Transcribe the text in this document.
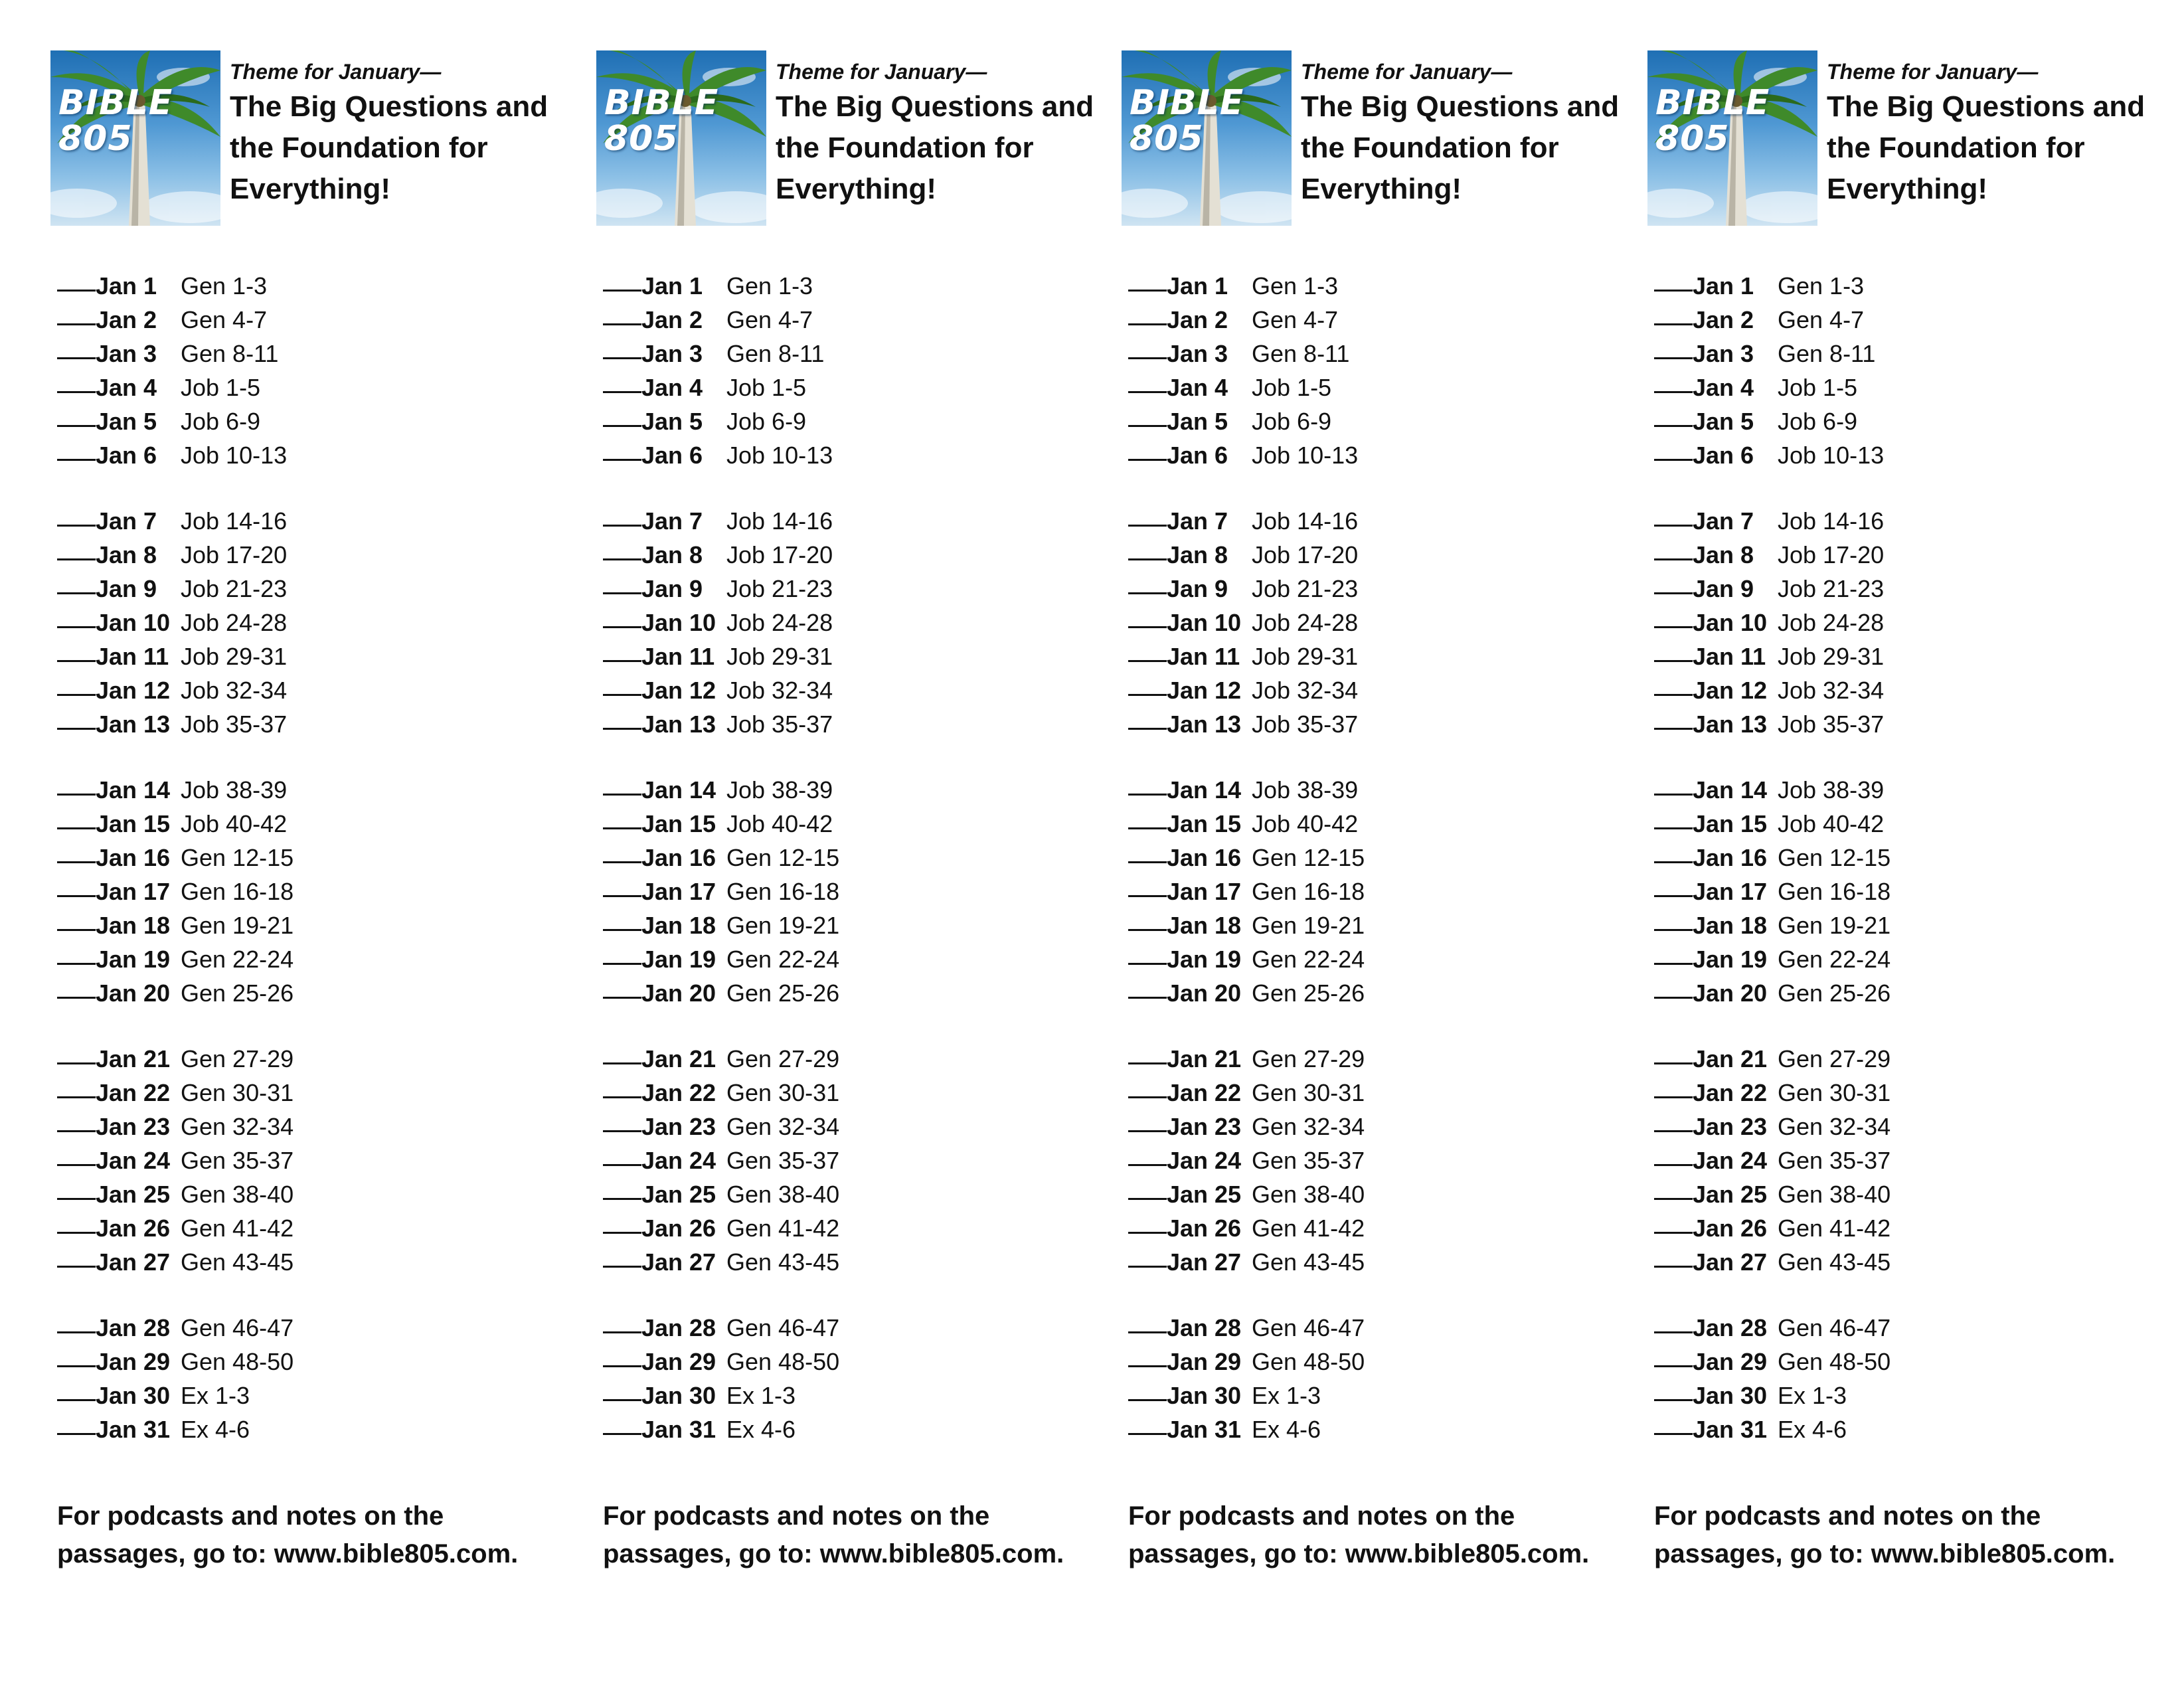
BIBLE
805
Theme for January—
The Big Questions and
the Foundation for
Everything!
Jan 1 Gen 1-3
Jan 2 Gen 4-7
Jan 3 Gen 8-11
Jan 4 Job 1-5
Jan 5 Job 6-9
Jan 6 Job 10-13
Jan 7 Job 14-16
Jan 8 Job 17-20
Jan 9 Job 21-23
Jan 10 Job 24-28
Jan 11 Job 29-31
Jan 12 Job 32-34
Jan 13 Job 35-37
Jan 14 Job 38-39
Jan 15 Job 40-42
Jan 16 Gen 12-15
Jan 17 Gen 16-18
Jan 18 Gen 19-21
Jan 19 Gen 22-24
Jan 20 Gen 25-26
Jan 21 Gen 27-29
Jan 22 Gen 30-31
Jan 23 Gen 32-34
Jan 24 Gen 35-37
Jan 25 Gen 38-40
Jan 26 Gen 41-42
Jan 27 Gen 43-45
Jan 28 Gen 46-47
Jan 29 Gen 48-50
Jan 30 Ex 1-3
Jan 31 Ex 4-6
For podcasts and notes on the
passages, go to: www.bible805.com.
BIBLE
805
Theme for January—
The Big Questions and
the Foundation for
Everything!
Jan 1 Gen 1-3
Jan 2 Gen 4-7
Jan 3 Gen 8-11
Jan 4 Job 1-5
Jan 5 Job 6-9
Jan 6 Job 10-13
Jan 7 Job 14-16
Jan 8 Job 17-20
Jan 9 Job 21-23
Jan 10 Job 24-28
Jan 11 Job 29-31
Jan 12 Job 32-34
Jan 13 Job 35-37
Jan 14 Job 38-39
Jan 15 Job 40-42
Jan 16 Gen 12-15
Jan 17 Gen 16-18
Jan 18 Gen 19-21
Jan 19 Gen 22-24
Jan 20 Gen 25-26
Jan 21 Gen 27-29
Jan 22 Gen 30-31
Jan 23 Gen 32-34
Jan 24 Gen 35-37
Jan 25 Gen 38-40
Jan 26 Gen 41-42
Jan 27 Gen 43-45
Jan 28 Gen 46-47
Jan 29 Gen 48-50
Jan 30 Ex 1-3
Jan 31 Ex 4-6
For podcasts and notes on the
passages, go to: www.bible805.com.
BIBLE
805
Theme for January—
The Big Questions and
the Foundation for
Everything!
Jan 1 Gen 1-3
Jan 2 Gen 4-7
Jan 3 Gen 8-11
Jan 4 Job 1-5
Jan 5 Job 6-9
Jan 6 Job 10-13
Jan 7 Job 14-16
Jan 8 Job 17-20
Jan 9 Job 21-23
Jan 10 Job 24-28
Jan 11 Job 29-31
Jan 12 Job 32-34
Jan 13 Job 35-37
Jan 14 Job 38-39
Jan 15 Job 40-42
Jan 16 Gen 12-15
Jan 17 Gen 16-18
Jan 18 Gen 19-21
Jan 19 Gen 22-24
Jan 20 Gen 25-26
Jan 21 Gen 27-29
Jan 22 Gen 30-31
Jan 23 Gen 32-34
Jan 24 Gen 35-37
Jan 25 Gen 38-40
Jan 26 Gen 41-42
Jan 27 Gen 43-45
Jan 28 Gen 46-47
Jan 29 Gen 48-50
Jan 30 Ex 1-3
Jan 31 Ex 4-6
For podcasts and notes on the
passages, go to: www.bible805.com.
BIBLE
805
Theme for January—
The Big Questions and
the Foundation for
Everything!
Jan 1 Gen 1-3
Jan 2 Gen 4-7
Jan 3 Gen 8-11
Jan 4 Job 1-5
Jan 5 Job 6-9
Jan 6 Job 10-13
Jan 7 Job 14-16
Jan 8 Job 17-20
Jan 9 Job 21-23
Jan 10 Job 24-28
Jan 11 Job 29-31
Jan 12 Job 32-34
Jan 13 Job 35-37
Jan 14 Job 38-39
Jan 15 Job 40-42
Jan 16 Gen 12-15
Jan 17 Gen 16-18
Jan 18 Gen 19-21
Jan 19 Gen 22-24
Jan 20 Gen 25-26
Jan 21 Gen 27-29
Jan 22 Gen 30-31
Jan 23 Gen 32-34
Jan 24 Gen 35-37
Jan 25 Gen 38-40
Jan 26 Gen 41-42
Jan 27 Gen 43-45
Jan 28 Gen 46-47
Jan 29 Gen 48-50
Jan 30 Ex 1-3
Jan 31 Ex 4-6
For podcasts and notes on the
passages, go to: www.bible805.com.
